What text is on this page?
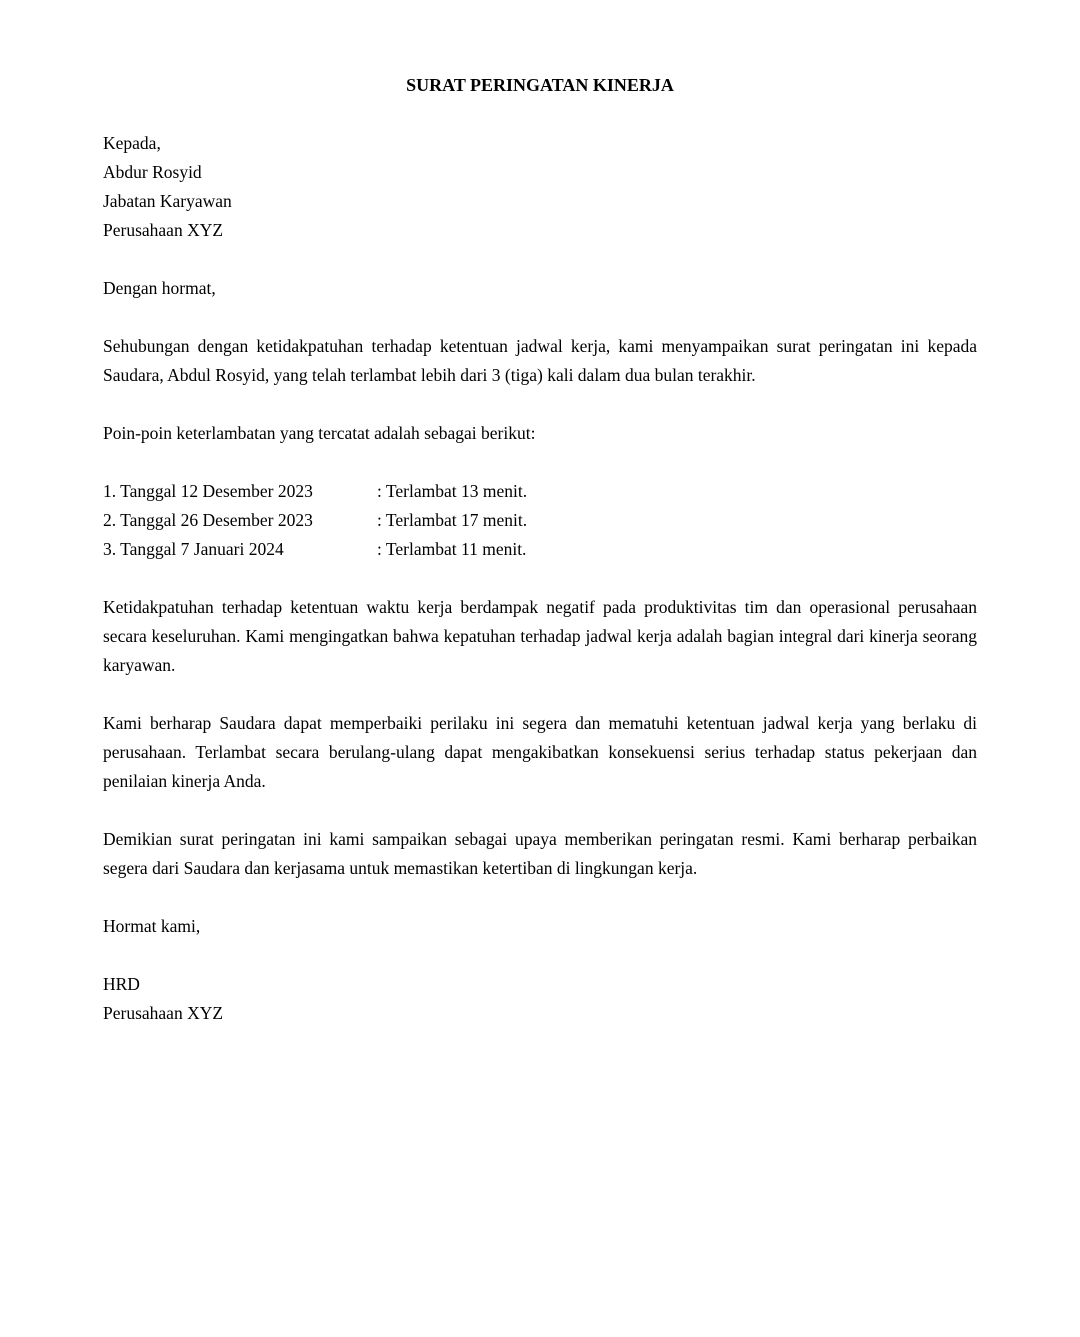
SURAT PERINGATAN KINERJA
Kepada,
Abdur Rosyid
Jabatan Karyawan
Perusahaan XYZ

Dengan hormat,

Sehubungan dengan ketidakpatuhan terhadap ketentuan jadwal kerja, kami menyampaikan surat peringatan ini kepada Saudara, Abdul Rosyid, yang telah terlambat lebih dari 3 (tiga) kali dalam dua bulan terakhir.

Poin-poin keterlambatan yang tercatat adalah sebagai berikut:

1. Tanggal 12 Desember 2023	: Terlambat 13 menit.
2. Tanggal 26 Desember 2023	: Terlambat 17 menit.
3. Tanggal 7 Januari 2024	: Terlambat 11 menit.

Ketidakpatuhan terhadap ketentuan waktu kerja berdampak negatif pada produktivitas tim dan operasional perusahaan secara keseluruhan. Kami mengingatkan bahwa kepatuhan terhadap jadwal kerja adalah bagian integral dari kinerja seorang karyawan.

Kami berharap Saudara dapat memperbaiki perilaku ini segera dan mematuhi ketentuan jadwal kerja yang berlaku di perusahaan. Terlambat secara berulang-ulang dapat mengakibatkan konsekuensi serius terhadap status pekerjaan dan penilaian kinerja Anda.

Demikian surat peringatan ini kami sampaikan sebagai upaya memberikan peringatan resmi. Kami berharap perbaikan segera dari Saudara dan kerjasama untuk memastikan ketertiban di lingkungan kerja.

Hormat kami,

HRD
Perusahaan XYZ
